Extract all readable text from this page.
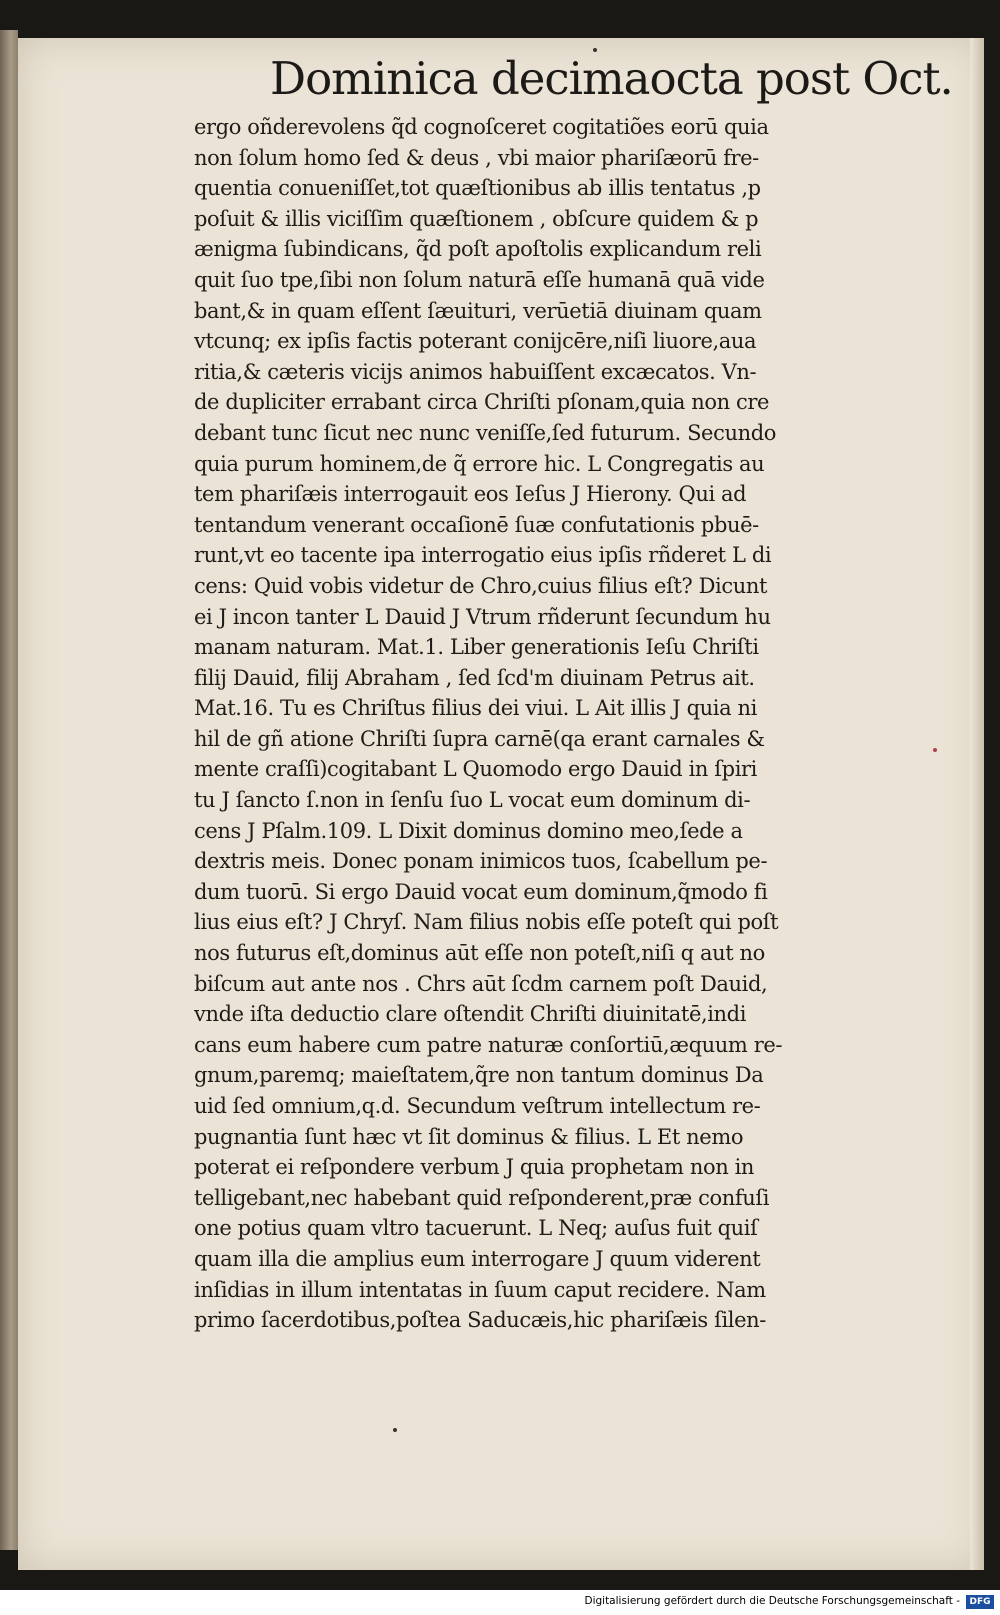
Dominica decimaocta post Oct.
ergo oñderevolens q̃d cognoſceret cogitatiões eorū quia
non ſolum homo ſed & deus , vbi maior phariſæorū fre-
quentia conueniſſet,tot quæſtionibus ab illis tentatus ,p
poſuit & illis viciſſim quæſtionem , obſcure quidem & p
ænigma ſubindicans, q̃d poſt apoſtolis explicandum reli
quit ſuo tpe,ſibi non ſolum naturā eſſe humanā quā vide
bant,& in quam eſſent ſæuituri, verūetiā diuinam quam
vtcunq; ex ipſis factis poterant conijcēre,niſi liuore,aua
ritia,& cæteris vicijs animos habuiſſent excæcatos. Vn-
de dupliciter errabant circa Chriſti pſonam,quia non cre
debant tunc ſicut nec nunc veniſſe,ſed futurum. Secundo
quia purum hominem,de q̃ errore hic. L Congregatis au
tem phariſæis interrogauit eos Ieſus J Hierony. Qui ad
tentandum venerant occaſionē ſuæ confutationis pbuē-
runt,vt eo tacente ipa interrogatio eius ipſis rñderet L di
cens: Quid vobis videtur de Chro,cuius filius eſt? Dicunt
ei J incon tanter L Dauid J Vtrum rñderunt ſecundum hu
manam naturam. Mat.1. Liber generationis Ieſu Chriſti
filij Dauid, filij Abraham , ſed ſcd'm diuinam Petrus ait.
Mat.16. Tu es Chriſtus filius dei viui. L Ait illis J quia ni
hil de gñ atione Chriſti ſupra carnē(qa erant carnales &
mente craſſi)cogitabant L Quomodo ergo Dauid in ſpiri
tu J ſancto ſ.non in ſenſu ſuo L vocat eum dominum di-
cens J Pſalm.109. L Dixit dominus domino meo,ſede a
dextris meis. Donec ponam inimicos tuos, ſcabellum pe-
dum tuorū. Si ergo Dauid vocat eum dominum,q̃modo fi
lius eius eſt? J Chryſ. Nam filius nobis eſſe poteſt qui poſt
nos futurus eſt,dominus aūt eſſe non poteſt,niſi q aut no
biſcum aut ante nos . Chrs aūt ſcdm carnem poſt Dauid,
vnde iſta deductio clare oſtendit Chriſti diuinitatē,indi
cans eum habere cum patre naturæ conſortiū,æquum re-
gnum,paremq; maieſtatem,q̃re non tantum dominus Da
uid ſed omnium,q.d. Secundum veſtrum intellectum re-
pugnantia ſunt hæc vt ſit dominus & filius. L Et nemo
poterat ei reſpondere verbum J quia prophetam non in
telligebant,nec habebant quid reſponderent,præ confuſi
one potius quam vltro tacuerunt. L Neq; auſus fuit quiſ
quam illa die amplius eum interrogare J quum viderent
inſidias in illum intentatas in ſuum caput recidere. Nam
primo ſacerdotibus,poſtea Saducæis,hic phariſæis ſilen-
Digitalisierung gefördert durch die Deutsche Forschungsgemeinschaft -	DFG
